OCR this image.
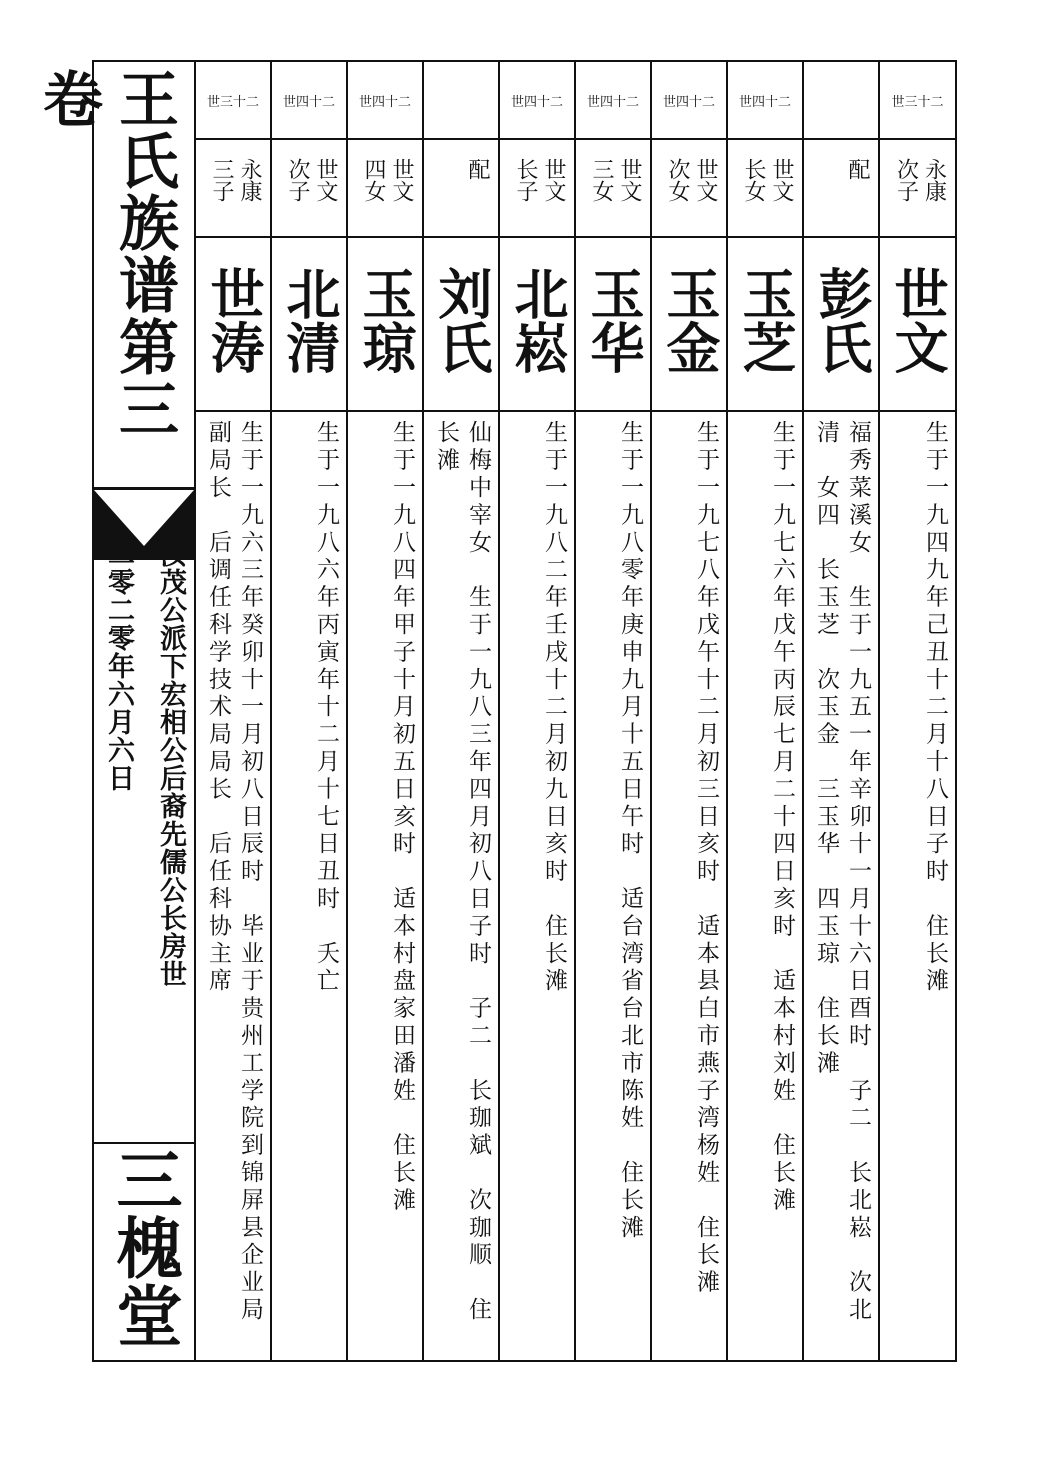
王氏族谱第三卷
汝茂公派下宏相公后裔先儒公长房世
二零二零年六月六日
三槐堂
世三十二
永康
三子
世涛
生于一九六三年癸卯十一月初八日辰时　毕业于贵州工学院到锦屏县企业局
副局长　后调任科学技术局局长　后任科协主席
世四十二
世文
次子
北清
生于一九八六年丙寅年十二月十七日丑时　夭亡
世四十二
世文
四女
玉琼
生于一九八四年甲子十月初五日亥时　适本村盘家田潘姓　住长滩
配
刘氏
仙梅中宰女　生于一九八三年四月初八日子时　子二　长珈斌　次珈顺　住
长滩
世四十二
世文
长子
北崧
生于一九八二年壬戌十二月初九日亥时　住长滩
世四十二
世文
三女
玉华
生于一九八零年庚申九月十五日午时　适台湾省台北市陈姓　住长滩
世四十二
世文
次女
玉金
生于一九七八年戊午十二月初三日亥时　适本县白市燕子湾杨姓　住长滩
世四十二
世文
长女
玉芝
生于一九七六年戊午丙辰七月二十四日亥时　适本村刘姓　住长滩
配
彭氏
福秀菜溪女　生于一九五一年辛卯十一月十六日酉时　子二　长北崧　次北
清　女四　长玉芝　次玉金　三玉华　四玉琼　住长滩
世三十二
永康
次子
世文
生于一九四九年己丑十二月十八日子时　住长滩
